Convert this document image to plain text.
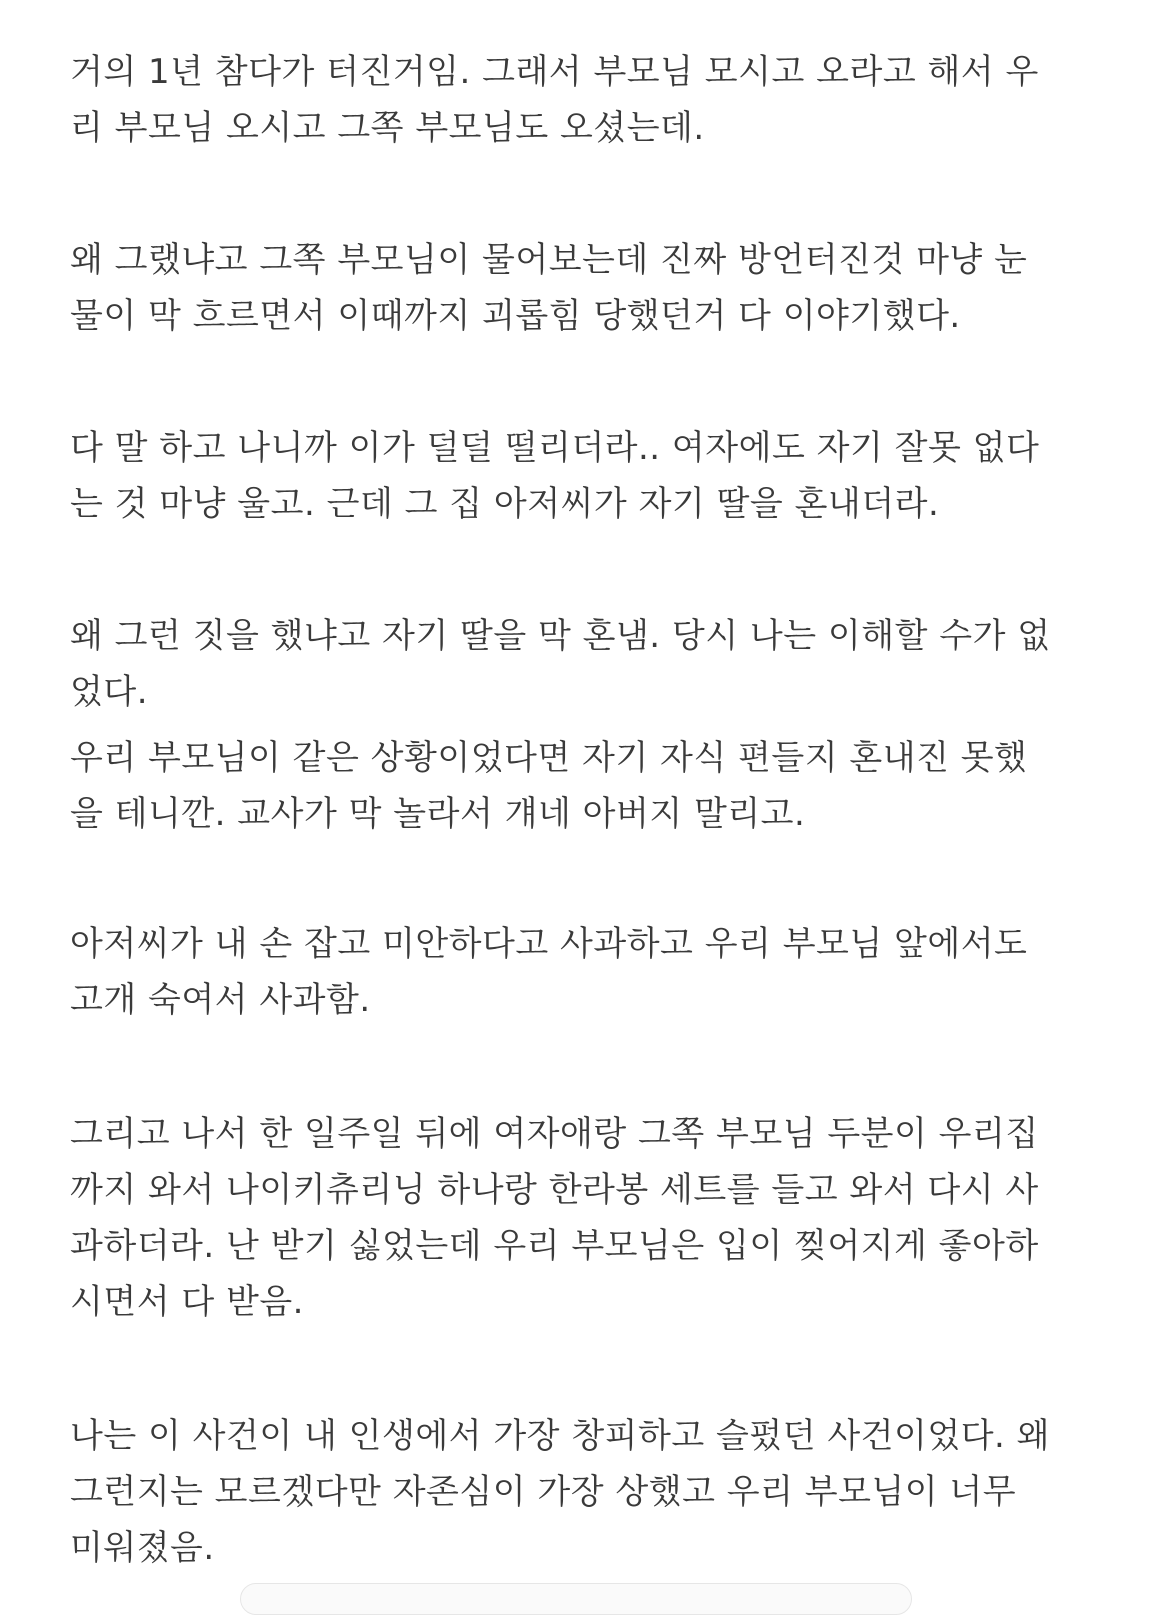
거의 1년 참다가 터진거임. 그래서 부모님 모시고 오라고 해서 우
리 부모님 오시고 그쪽 부모님도 오셨는데.
왜 그랬냐고 그쪽 부모님이 물어보는데 진짜 방언터진것 마냥 눈
물이 막 흐르면서 이때까지 괴롭힘 당했던거 다 이야기했다.
다 말 하고 나니까 이가 덜덜 떨리더라.. 여자에도 자기 잘못 없다
는 것 마냥 울고. 근데 그 집 아저씨가 자기 딸을 혼내더라.
왜 그런 짓을 했냐고 자기 딸을 막 혼냄. 당시 나는 이해할 수가 없
었다.
우리 부모님이 같은 상황이었다면 자기 자식 편들지 혼내진 못했
을 테니깐. 교사가 막 놀라서 걔네 아버지 말리고.
아저씨가 내 손 잡고 미안하다고 사과하고 우리 부모님 앞에서도
고개 숙여서 사과함.
그리고 나서 한 일주일 뒤에 여자애랑 그쪽 부모님 두분이 우리집
까지 와서 나이키츄리닝 하나랑 한라봉 세트를 들고 와서 다시 사
과하더라. 난 받기 싫었는데 우리 부모님은 입이 찢어지게 좋아하
시면서 다 받음.
나는 이 사건이 내 인생에서 가장 창피하고 슬펐던 사건이었다. 왜
그런지는 모르겠다만 자존심이 가장 상했고 우리 부모님이 너무
미워졌음.
